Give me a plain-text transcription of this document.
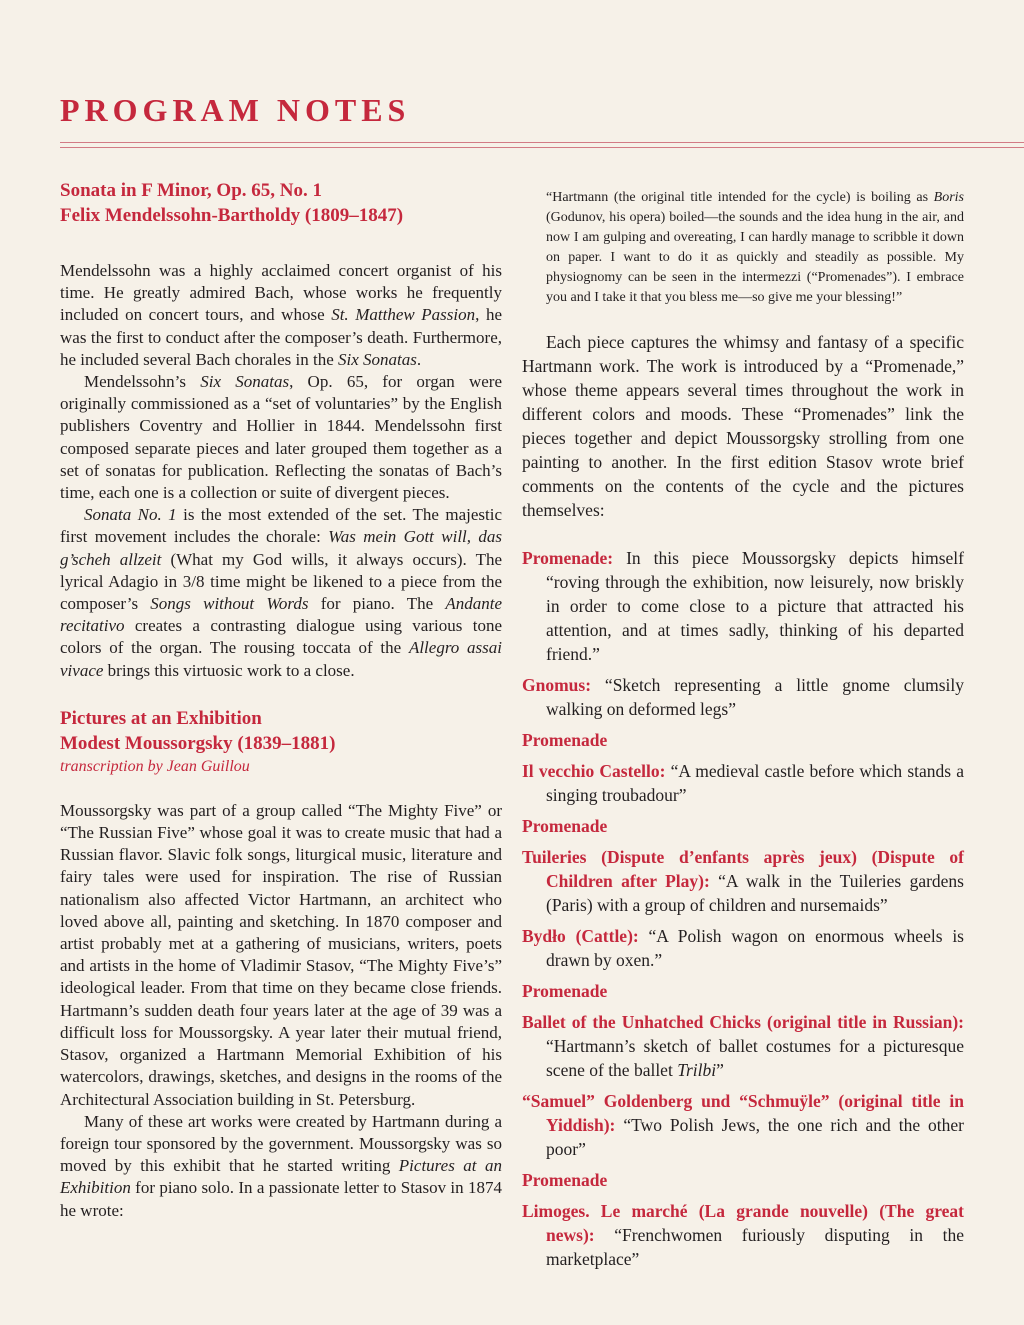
PROGRAM NOTES
Sonata in F Minor, Op. 65, No. 1
Felix Mendelssohn-Bartholdy (1809–1847)

Mendelssohn was a highly acclaimed concert organist of his time. He greatly admired Bach, whose works he frequently included on concert tours, and whose St. Matthew Passion, he was the first to conduct after the composer’s death. Furthermore, he included several Bach chorales in the Six Sonatas.

Mendelssohn’s Six Sonatas, Op. 65, for organ were originally commissioned as a “set of voluntaries” by the English publishers Coventry and Hollier in 1844. Mendelssohn first composed separate pieces and later grouped them together as a set of sonatas for publication. Reflecting the sonatas of Bach’s time, each one is a collection or suite of divergent pieces.

Sonata No. 1 is the most extended of the set. The majestic first movement includes the chorale: Was mein Gott will, das g’scheh allzeit (What my God wills, it always occurs). The lyrical Adagio in 3/8 time might be likened to a piece from the composer’s Songs without Words for piano. The Andante recitativo creates a contrasting dialogue using various tone colors of the organ. The rousing toccata of the Allegro assai vivace brings this virtuosic work to a close.

Pictures at an Exhibition
Modest Moussorgsky (1839–1881)
transcription by Jean Guillou

Moussorgsky was part of a group called “The Mighty Five” or “The Russian Five” whose goal it was to create music that had a Russian flavor. Slavic folk songs, liturgical music, literature and fairy tales were used for inspiration. The rise of Russian nationalism also affected Victor Hartmann, an architect who loved above all, painting and sketching. In 1870 composer and artist probably met at a gathering of musicians, writers, poets and artists in the home of Vladimir Stasov, “The Mighty Five’s” ideological leader. From that time on they became close friends. Hartmann’s sudden death four years later at the age of 39 was a difficult loss for Moussorgsky. A year later their mutual friend, Stasov, organized a Hartmann Memorial Exhibition of his watercolors, drawings, sketches, and designs in the rooms of the Architectural Association building in St. Petersburg.

Many of these art works were created by Hartmann during a foreign tour sponsored by the government. Moussorgsky was so moved by this exhibit that he started writing Pictures at an Exhibition for piano solo. In a passionate letter to Stasov in 1874 he wrote:

“Hartmann (the original title intended for the cycle) is boiling as Boris (Godunov, his opera) boiled—the sounds and the idea hung in the air, and now I am gulping and overeating, I can hardly manage to scribble it down on paper. I want to do it as quickly and steadily as possible. My physiognomy can be seen in the intermezzi (“Promenades”). I embrace you and I take it that you bless me—so give me your blessing!”

Each piece captures the whimsy and fantasy of a specific Hartmann work. The work is introduced by a “Promenade,” whose theme appears several times throughout the work in different colors and moods. These “Promenades” link the pieces together and depict Moussorgsky strolling from one painting to another. In the first edition Stasov wrote brief comments on the contents of the cycle and the pictures themselves:

Promenade: In this piece Moussorgsky depicts himself “roving through the exhibition, now leisurely, now briskly in order to come close to a picture that attracted his attention, and at times sadly, thinking of his departed friend.”
Gnomus: “Sketch representing a little gnome clumsily walking on deformed legs”
Promenade
Il vecchio Castello: “A medieval castle before which stands a singing troubadour”
Promenade
Tuileries (Dispute d’enfants après jeux) (Dispute of Children after Play): “A walk in the Tuileries gardens (Paris) with a group of children and nursemaids”
Bydło (Cattle): “A Polish wagon on enormous wheels is drawn by oxen.”
Promenade
Ballet of the Unhatched Chicks (original title in Russian): “Hartmann’s sketch of ballet costumes for a picturesque scene of the ballet Trilbi”
“Samuel” Goldenberg und “Schmuÿle” (original title in Yiddish): “Two Polish Jews, the one rich and the other poor”
Promenade
Limoges. Le marché (La grande nouvelle) (The great news): “Frenchwomen furiously disputing in the marketplace”
